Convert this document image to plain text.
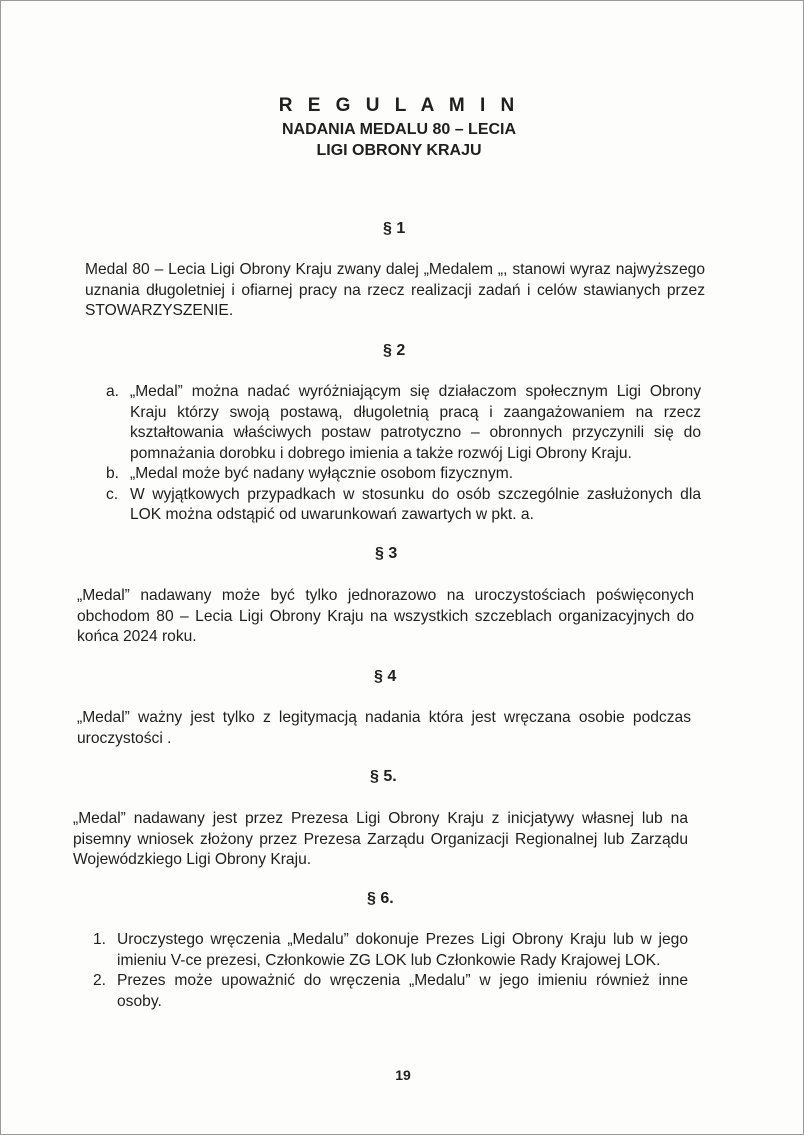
R E G U L A M I N
NADANIA MEDALU 80 – LECIA
LIGI OBRONY KRAJU
§ 1
Medal 80 – Lecia Ligi Obrony Kraju zwany dalej „Medalem „, stanowi wyraz najwyższego uznania długoletniej i ofiarnej pracy na rzecz realizacji zadań i celów stawianych przez STOWARZYSZENIE.
§ 2
a. „Medal” można nadać wyróżniającym się działaczom społecznym Ligi Obrony Kraju którzy swoją postawą, długoletnią pracą i zaangażowaniem na rzecz kształtowania właściwych postaw patrotyczno – obronnych przyczynili się do pomnażania dorobku i dobrego imienia a także rozwój Ligi Obrony Kraju.
b. „Medal może być nadany wyłącznie osobom fizycznym.
c. W wyjątkowych przypadkach w stosunku do osób szczególnie zasłużonych dla LOK można odstąpić od uwarunkowań zawartych w pkt. a.
§ 3
„Medal” nadawany może być tylko jednorazowo na uroczystościach poświęconych obchodom 80 – Lecia Ligi Obrony Kraju na wszystkich szczeblach organizacyjnych do końca 2024 roku.
§ 4
„Medal” ważny jest tylko z legitymacją nadania która jest wręczana osobie podczas uroczystości .
§ 5.
„Medal” nadawany jest przez Prezesa Ligi Obrony Kraju z inicjatywy własnej lub na pisemny wniosek złożony przez Prezesa Zarządu Organizacji Regionalnej lub Zarządu Wojewódzkiego Ligi Obrony Kraju.
§ 6.
1. Uroczystego wręczenia „Medalu” dokonuje Prezes Ligi Obrony Kraju lub w jego imieniu V-ce prezesi, Członkowie ZG LOK lub Członkowie Rady Krajowej LOK.
2. Prezes może upoważnić do wręczenia „Medalu” w jego imieniu również inne osoby.
19
